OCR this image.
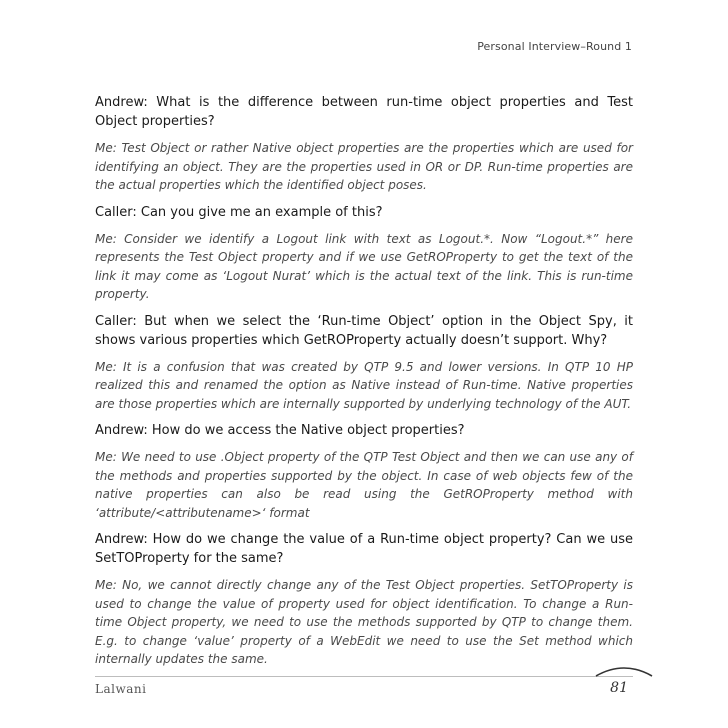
Personal Interview–Round 1

Andrew: What is the difference between run-time object properties and Test Object properties?

Me: Test Object or rather Native object properties are the properties which are used for identifying an object. They are the properties used in OR or DP. Run-time properties are the actual properties which the identified object poses.

Caller: Can you give me an example of this?

Me: Consider we identify a Logout link with text as Logout.*. Now “Logout.*” here represents the Test Object property and if we use GetROProperty to get the text of the link it may come as ‘Logout Nurat’ which is the actual text of the link. This is run-time property.

Caller: But when we select the ‘Run-time Object’ option in the Object Spy, it shows various properties which GetROProperty actually doesn’t support. Why?

Me: It is a confusion that was created by QTP 9.5 and lower versions. In QTP 10 HP realized this and renamed the option as Native instead of Run-time. Native properties are those properties which are internally supported by underlying technology of the AUT.

Andrew: How do we access the Native object properties?

Me: We need to use .Object property of the QTP Test Object and then we can use any of the methods and properties supported by the object. In case of web objects few of the native properties can also be read using the GetROProperty method with ‘attribute/<attributename>‘ format

Andrew: How do we change the value of a Run-time object property? Can we use SetTOProperty for the same?

Me: No, we cannot directly change any of the Test Object properties. SetTOProperty is used to change the value of property used for object identification. To change a Run-time Object property, we need to use the methods supported by QTP to change them. E.g. to change ‘value’ property of a WebEdit we need to use the Set method which internally updates the same.

Lalwani	81
